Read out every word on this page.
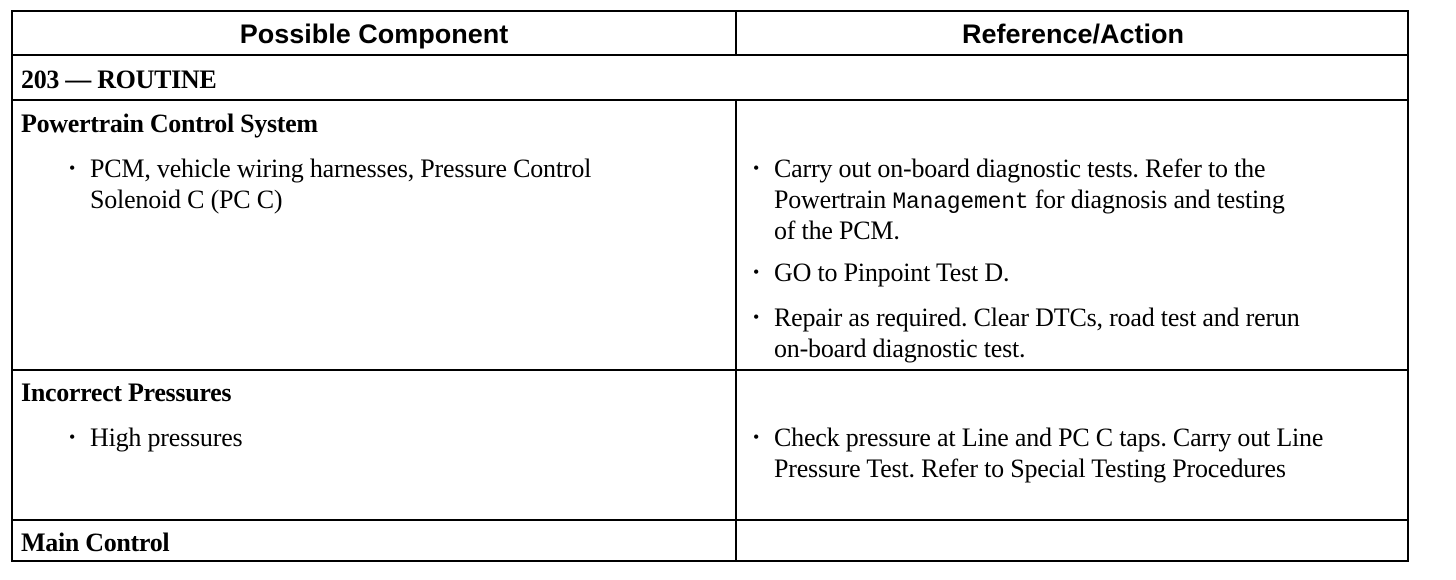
Possible Component	Reference/Action
203 — ROUTINE
Powertrain Control System
• PCM, vehicle wiring harnesses, Pressure Control
Solenoid C (PC C)
• Carry out on-board diagnostic tests. Refer to the
Powertrain Management for diagnosis and testing
of the PCM.
• GO to Pinpoint Test D.
• Repair as required. Clear DTCs, road test and rerun
on-board diagnostic test.
Incorrect Pressures
• High pressures	• Check pressure at Line and PC C taps. Carry out Line
Pressure Test. Refer to Special Testing Procedures
Main Control
